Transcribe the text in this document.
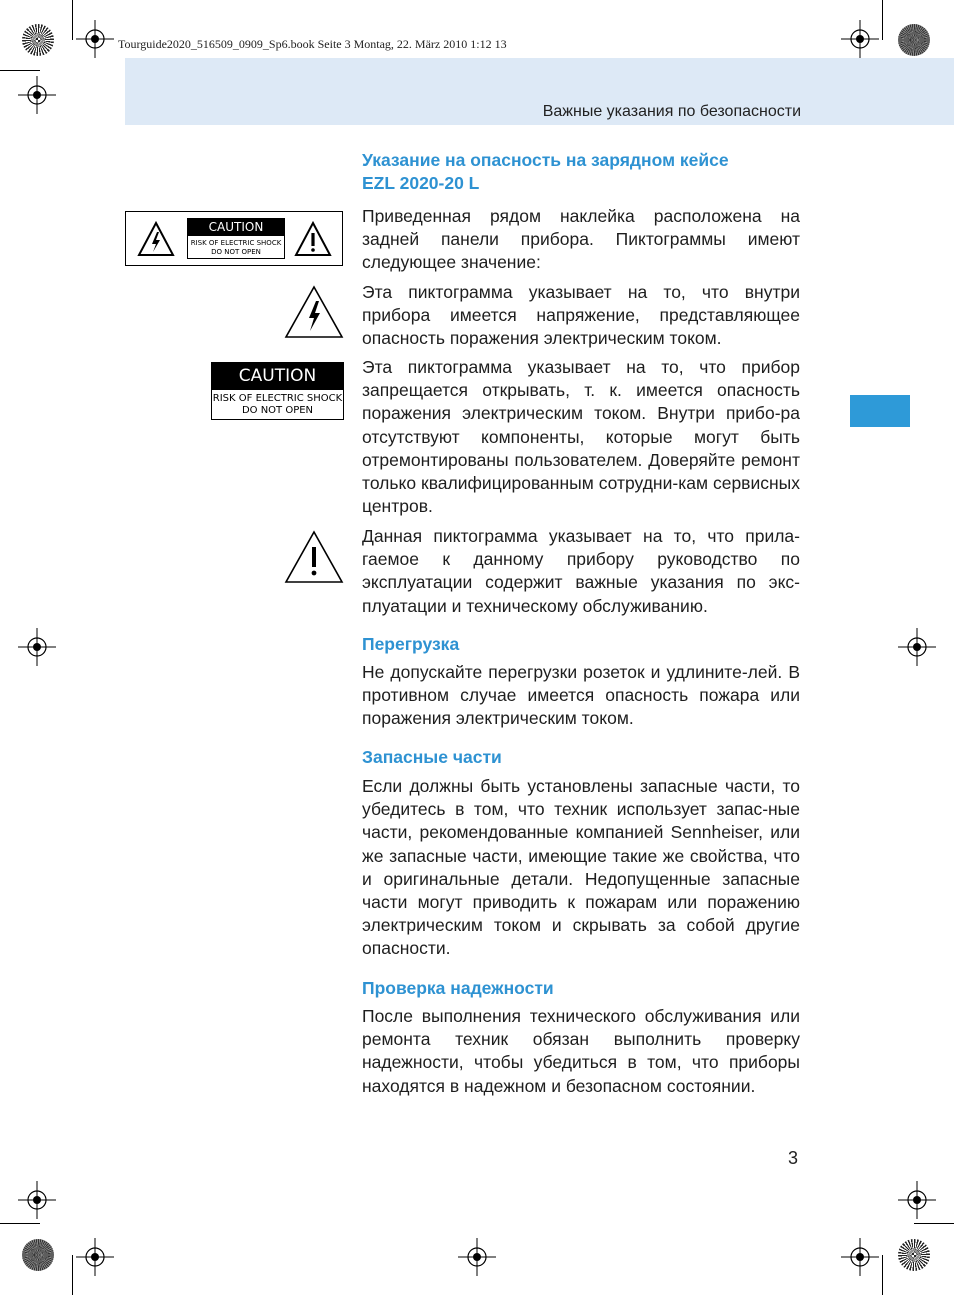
Tourguide2020_516509_0909_Sp6.book Seite 3 Montag, 22. März 2010 1:12 13
Важные указания по безопасности

Указание на опасность на зарядном кейсе

EZL 2020-20 L

CAUTION
RISK OF ELECTRIC SHOCK
DO NOT OPEN

Приведенная рядом наклейка расположена на задней панели прибора. Пиктограммы имеют следующее значение:

Эта пиктограмма указывает на то, что внутри прибора имеется напряжение, представляющее опасность поражения электрическим током.

CAUTION
RISK OF ELECTRIC SHOCK
DO NOT OPEN

Эта пиктограмма указывает на то, что прибор запрещается открывать, т. к. имеется опасность поражения электрическим током. Внутри прибо-ра отсутствуют компоненты, которые могут быть отремонтированы пользователем. Доверяйте ремонт только квалифицированным сотрудни-кам сервисных центров.

Данная пиктограмма указывает на то, что прила-гаемое к данному прибору руководство по эксплуатации содержит важные указания по экс-плуатации и техническому обслуживанию.

Перегрузка

Не допускайте перегрузки розеток и удлините-лей. В противном случае имеется опасность пожара или поражения электрическим током.

Запасные части

Если должны быть установлены запасные части, то убедитесь в том, что техник использует запас-ные части, рекомендованные компанией Sennheiser, или же запасные части, имеющие такие же свойства, что и оригинальные детали. Недопущенные запасные части могут приводить к пожарам или поражению электрическим током и скрывать за собой другие опасности.

Проверка надежности

После выполнения технического обслуживания или ремонта техник обязан выполнить проверку надежности, чтобы убедиться в том, что приборы находятся в надежном и безопасном состоянии.

3
